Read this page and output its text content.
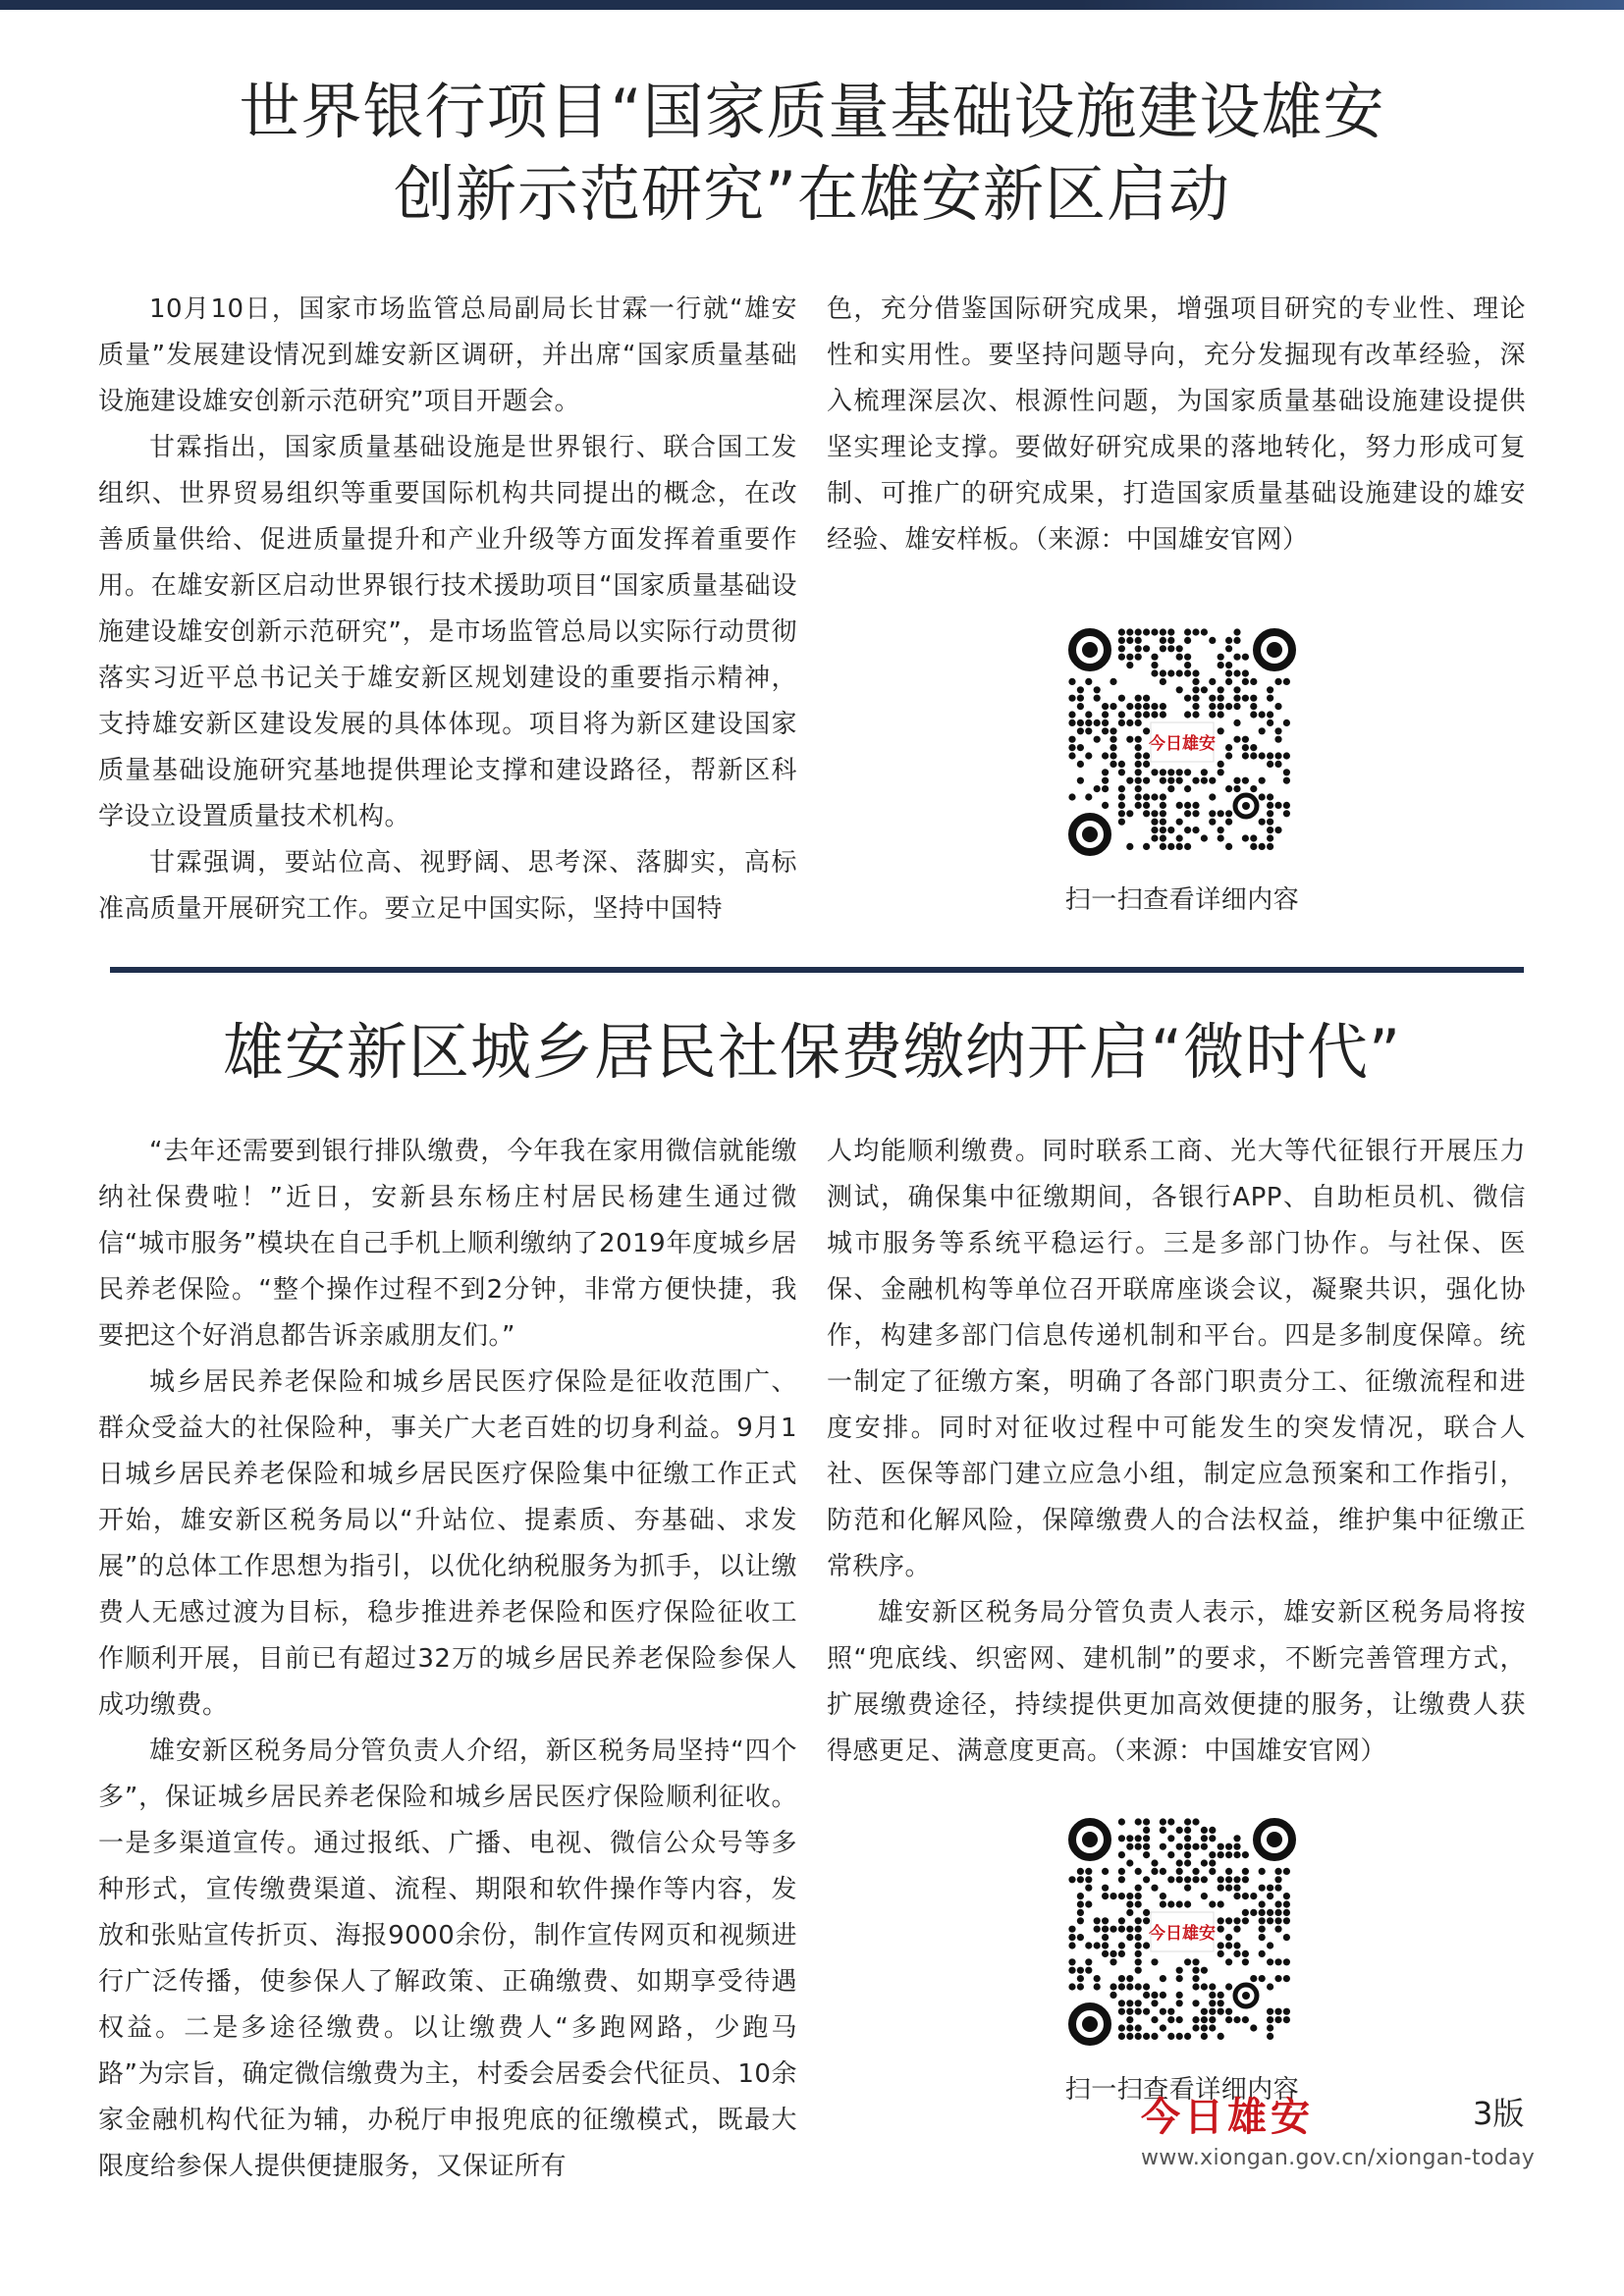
世界银行项目“国家质量基础设施建设雄安
创新示范研究”在雄安新区启动

10月10日，国家市场监管总局副局长甘霖一行就“雄安质量”发展建设情况到雄安新区调研，并出席“国家质量基础设施建设雄安创新示范研究”项目开题会。

甘霖指出，国家质量基础设施是世界银行、联合国工发组织、世界贸易组织等重要国际机构共同提出的概念，在改善质量供给、促进质量提升和产业升级等方面发挥着重要作用。在雄安新区启动世界银行技术援助项目“国家质量基础设施建设雄安创新示范研究”，是市场监管总局以实际行动贯彻落实习近平总书记关于雄安新区规划建设的重要指示精神，支持雄安新区建设发展的具体体现。项目将为新区建设国家质量基础设施研究基地提供理论支撑和建设路径，帮新区科学设立设置质量技术机构。

甘霖强调，要站位高、视野阔、思考深、落脚实，高标准高质量开展研究工作。要立足中国实际，坚持中国特

色，充分借鉴国际研究成果，增强项目研究的专业性、理论性和实用性。要坚持问题导向，充分发掘现有改革经验，深入梳理深层次、根源性问题，为国家质量基础设施建设提供坚实理论支撑。要做好研究成果的落地转化，努力形成可复制、可推广的研究成果，打造国家质量基础设施建设的雄安经验、雄安样板。（来源：中国雄安官网）

今日雄安
扫一扫查看详细内容
雄安新区城乡居民社保费缴纳开启“微时代”

“去年还需要到银行排队缴费，今年我在家用微信就能缴纳社保费啦！”近日，安新县东杨庄村居民杨建生通过微信“城市服务”模块在自己手机上顺利缴纳了2019年度城乡居民养老保险。“整个操作过程不到2分钟，非常方便快捷，我要把这个好消息都告诉亲戚朋友们。”

城乡居民养老保险和城乡居民医疗保险是征收范围广、群众受益大的社保险种，事关广大老百姓的切身利益。9月1日城乡居民养老保险和城乡居民医疗保险集中征缴工作正式开始，雄安新区税务局以“升站位、提素质、夯基础、求发展”的总体工作思想为指引，以优化纳税服务为抓手，以让缴费人无感过渡为目标，稳步推进养老保险和医疗保险征收工作顺利开展，目前已有超过32万的城乡居民养老保险参保人成功缴费。

雄安新区税务局分管负责人介绍，新区税务局坚持“四个多”，保证城乡居民养老保险和城乡居民医疗保险顺利征收。一是多渠道宣传。通过报纸、广播、电视、微信公众号等多种形式，宣传缴费渠道、流程、期限和软件操作等内容，发放和张贴宣传折页、海报9000余份，制作宣传网页和视频进行广泛传播，使参保人了解政策、正确缴费、如期享受待遇权益。二是多途径缴费。以让缴费人“多跑网路，少跑马路”为宗旨，确定微信缴费为主，村委会居委会代征员、10余家金融机构代征为辅，办税厅申报兜底的征缴模式，既最大限度给参保人提供便捷服务，又保证所有

人均能顺利缴费。同时联系工商、光大等代征银行开展压力测试，确保集中征缴期间，各银行APP、自助柜员机、微信城市服务等系统平稳运行。三是多部门协作。与社保、医保、金融机构等单位召开联席座谈会议，凝聚共识，强化协作，构建多部门信息传递机制和平台。四是多制度保障。统一制定了征缴方案，明确了各部门职责分工、征缴流程和进度安排。同时对征收过程中可能发生的突发情况，联合人社、医保等部门建立应急小组，制定应急预案和工作指引，防范和化解风险，保障缴费人的合法权益，维护集中征缴正常秩序。

雄安新区税务局分管负责人表示，雄安新区税务局将按照“兜底线、织密网、建机制”的要求，不断完善管理方式，扩展缴费途径，持续提供更加高效便捷的服务，让缴费人获得感更足、满意度更高。（来源：中国雄安官网）

今日雄安
扫一扫查看详细内容
今日雄安	3版
www.xiongan.gov.cn/xiongan-today
